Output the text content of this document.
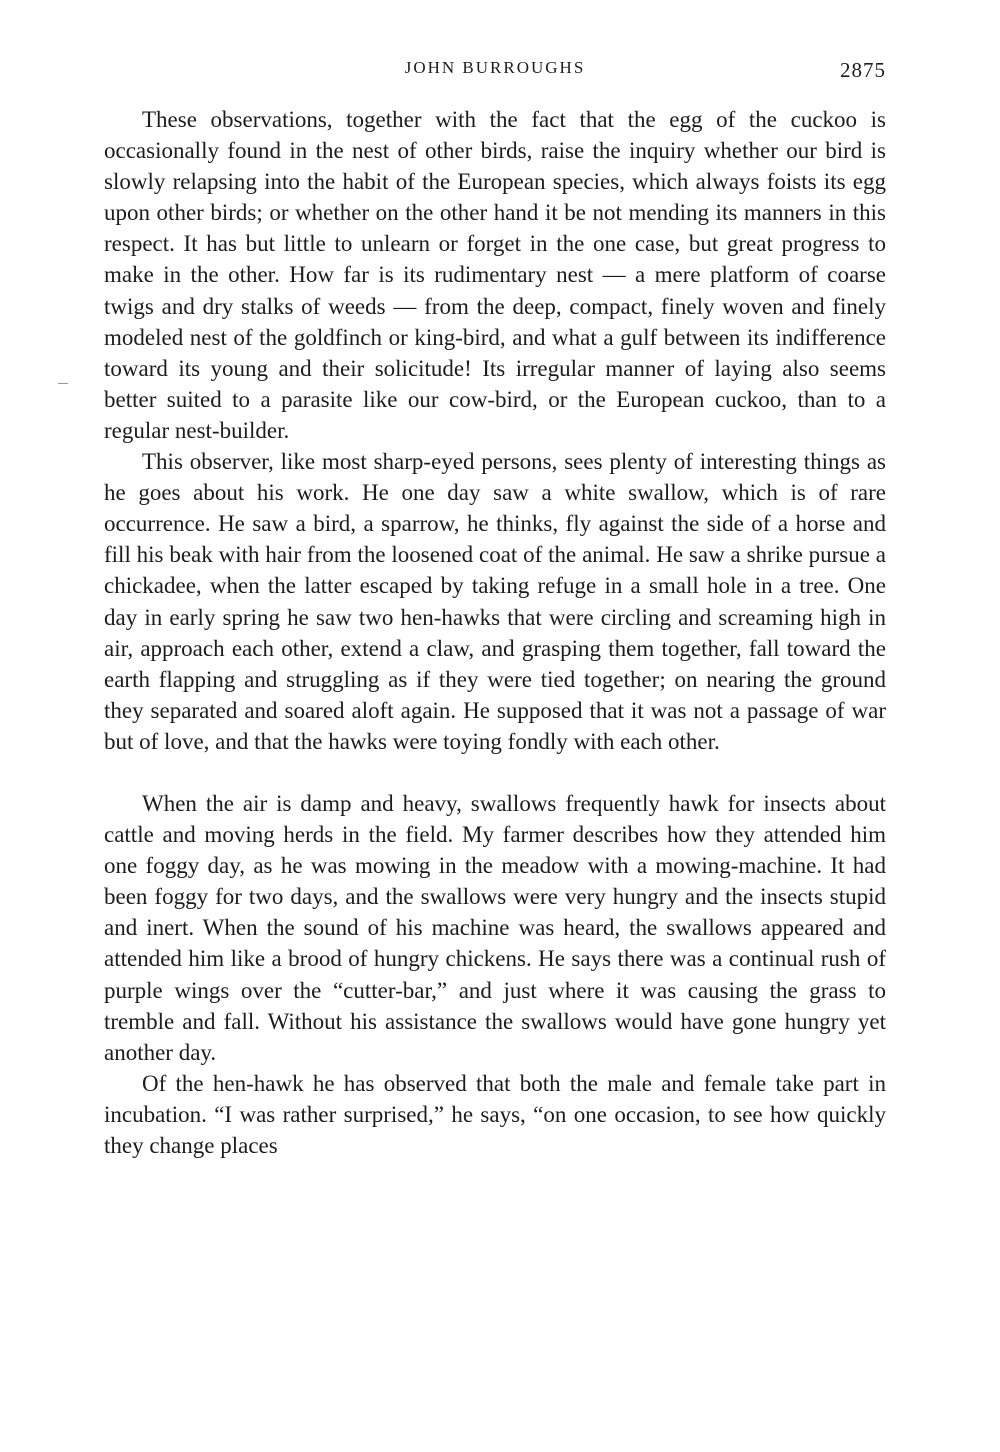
JOHN BURROUGHS	2875

These observations, together with the fact that the egg of the cuckoo is occasionally found in the nest of other birds, raise the inquiry whether our bird is slowly relapsing into the habit of the European species, which always foists its egg upon other birds; or whether on the other hand it be not mending its manners in this respect. It has but little to unlearn or forget in the one case, but great progress to make in the other. How far is its rudimentary nest — a mere platform of coarse twigs and dry stalks of weeds — from the deep, compact, finely woven and finely modeled nest of the goldfinch or king-bird, and what a gulf between its indifference toward its young and their solicitude! Its irregular manner of laying also seems better suited to a parasite like our cow-bird, or the European cuckoo, than to a regular nest-builder.

This observer, like most sharp-eyed persons, sees plenty of interesting things as he goes about his work. He one day saw a white swallow, which is of rare occurrence. He saw a bird, a sparrow, he thinks, fly against the side of a horse and fill his beak with hair from the loosened coat of the animal. He saw a shrike pursue a chickadee, when the latter escaped by taking refuge in a small hole in a tree. One day in early spring he saw two hen-hawks that were circling and screaming high in air, approach each other, extend a claw, and grasping them together, fall toward the earth flapping and struggling as if they were tied together; on nearing the ground they separated and soared aloft again. He supposed that it was not a passage of war but of love, and that the hawks were toying fondly with each other.

When the air is damp and heavy, swallows frequently hawk for insects about cattle and moving herds in the field. My farmer describes how they attended him one foggy day, as he was mowing in the meadow with a mowing-machine. It had been foggy for two days, and the swallows were very hungry and the insects stupid and inert. When the sound of his machine was heard, the swallows appeared and attended him like a brood of hungry chickens. He says there was a continual rush of purple wings over the “cutter-bar,” and just where it was causing the grass to tremble and fall. Without his assistance the swallows would have gone hungry yet another day.

Of the hen-hawk he has observed that both the male and female take part in incubation. “I was rather surprised,” he says, “on one occasion, to see how quickly they change places
